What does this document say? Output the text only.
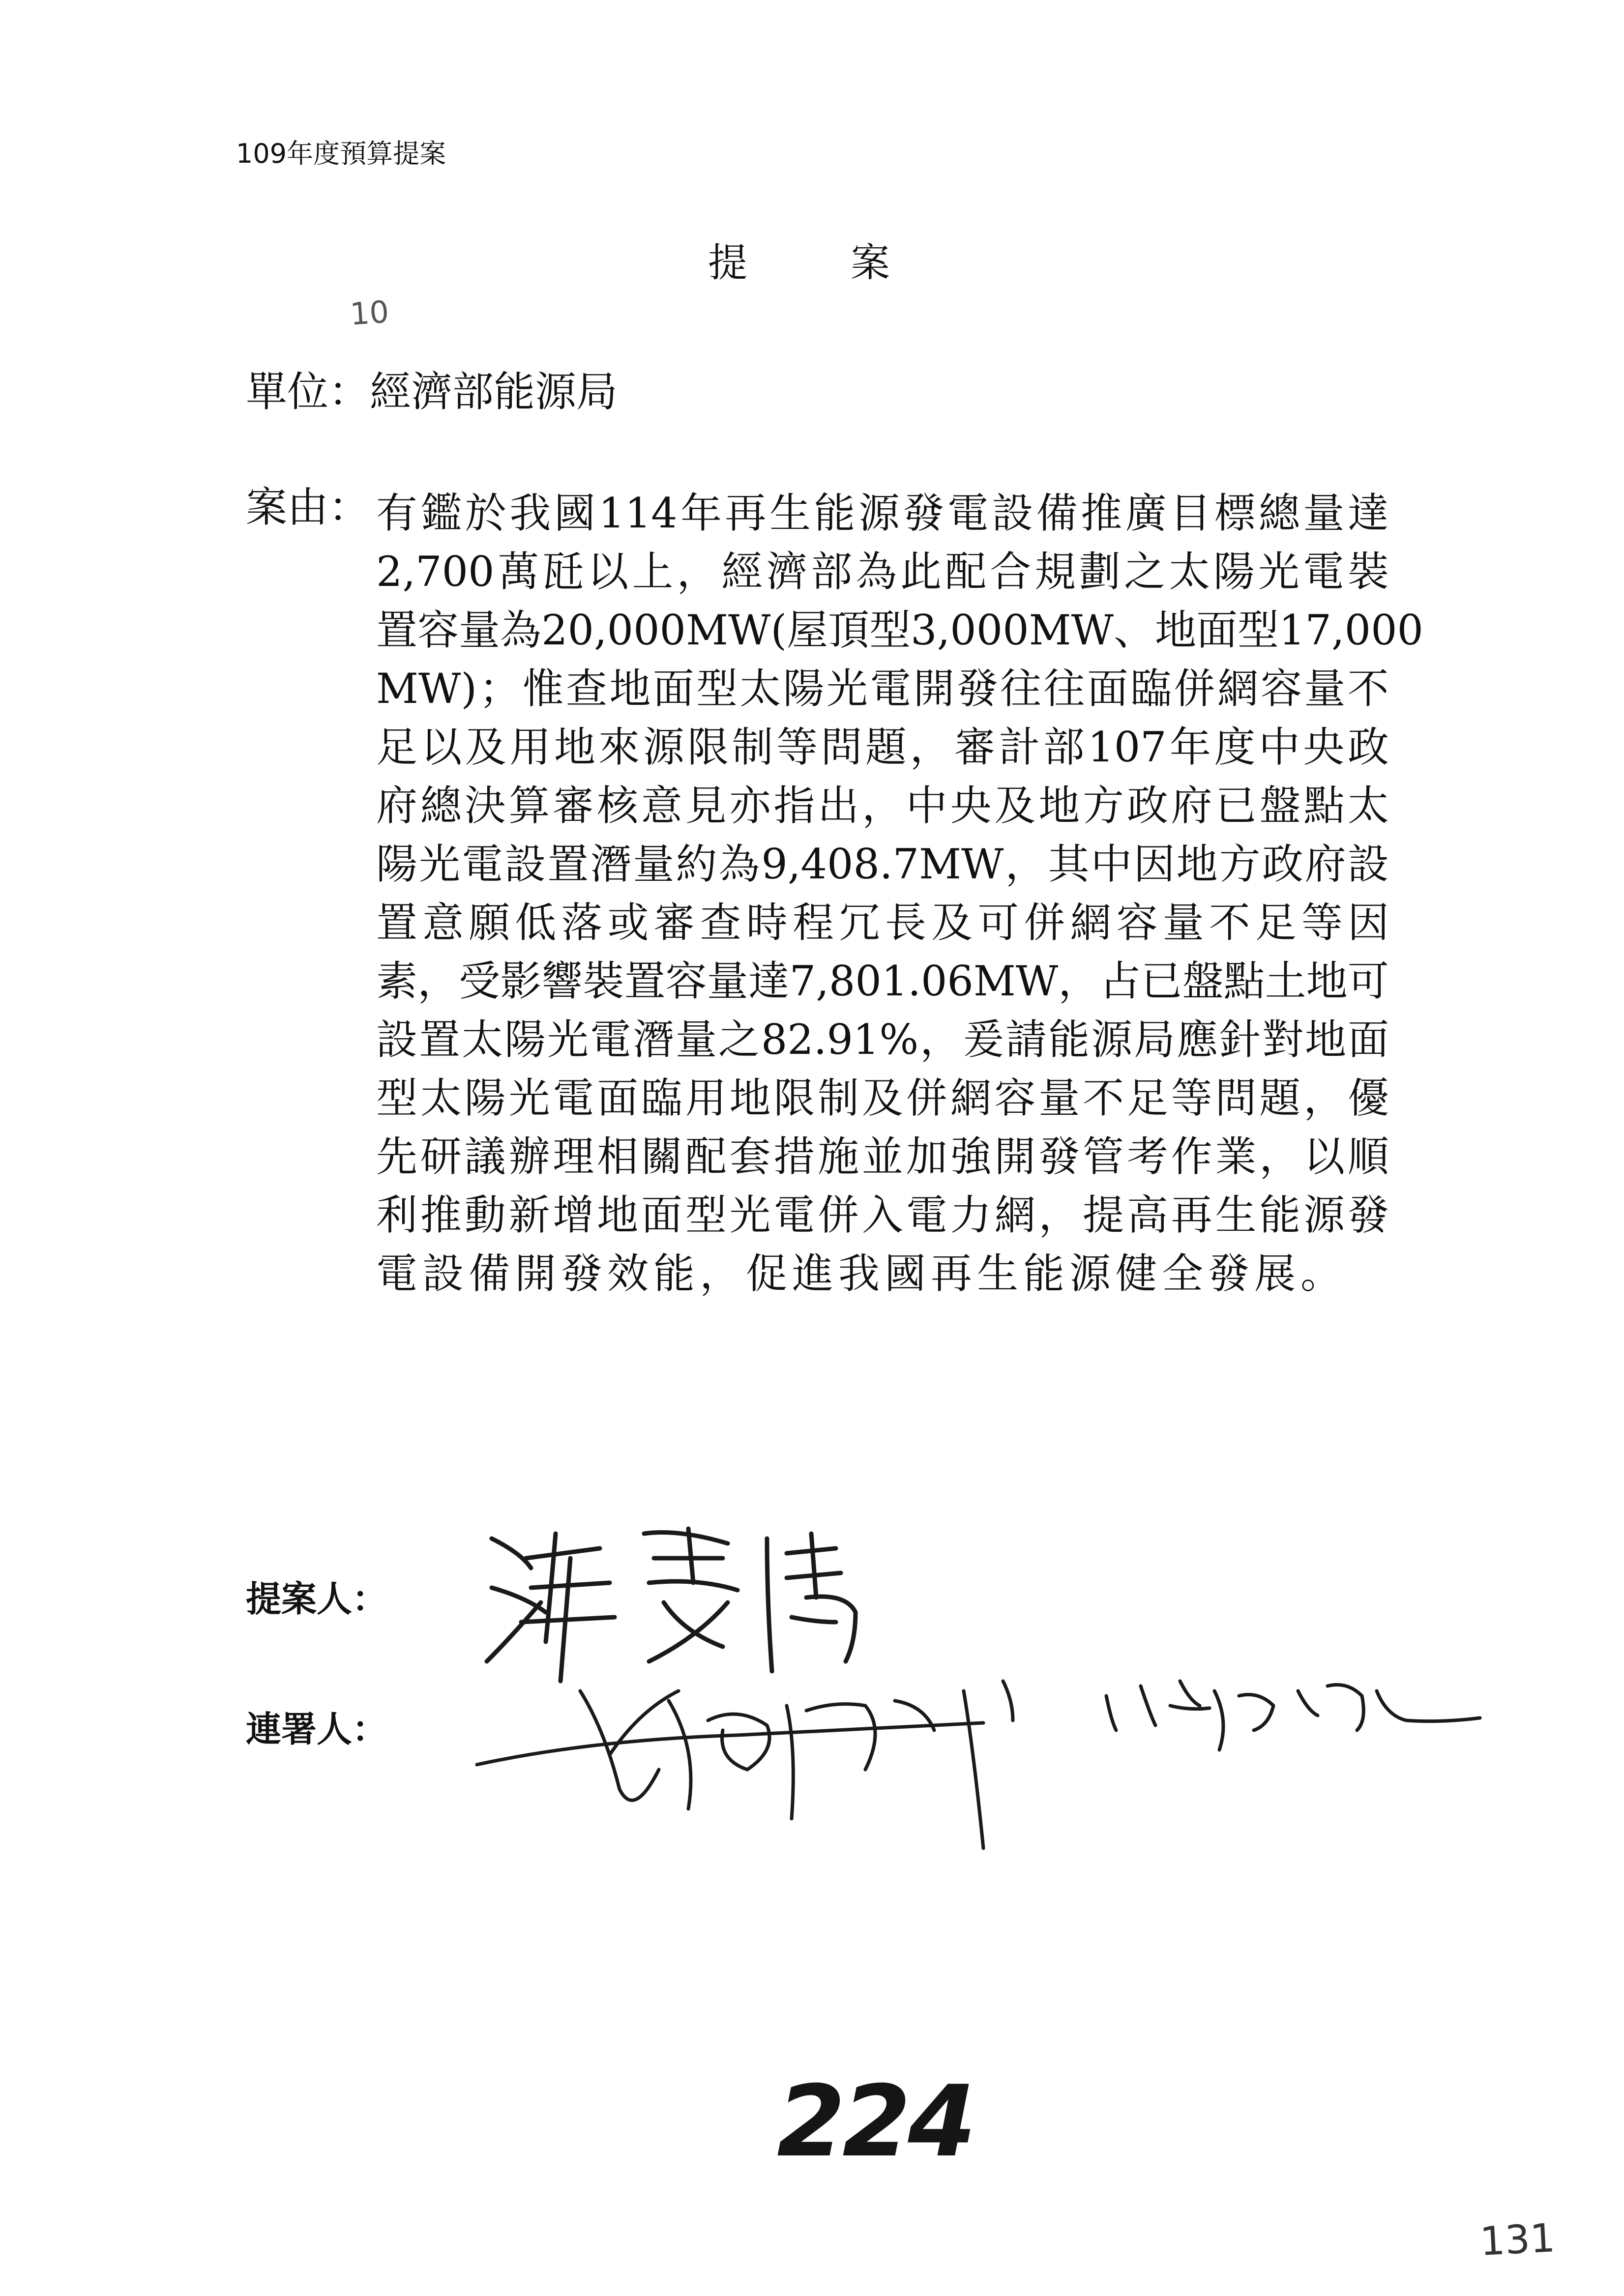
109年度預算提案
提案
10
單位：經濟部能源局
案由： 有 鑑 於 我 國 114 年 再 生 能 源 發 電 設 備 推 廣 目 標 總 量 達
2,700 萬 瓩 以 上 ， 經 濟 部 為 此 配 合 規 劃 之 太 陽 光 電 裝
置 容 量 為 20,000MW( 屋 頂 型 3,000MW 、 地 面 型 17,000
MW) ； 惟 查 地 面 型 太 陽 光 電 開 發 往 往 面 臨 併 網 容 量 不
足 以 及 用 地 來 源 限 制 等 問 題 ， 審 計 部 107 年 度 中 央 政
府 總 決 算 審 核 意 見 亦 指 出 ， 中 央 及 地 方 政 府 已 盤 點 太
陽 光 電 設 置 潛 量 約 為 9,408.7MW ， 其 中 因 地 方 政 府 設
置 意 願 低 落 或 審 查 時 程 冗 長 及 可 併 網 容 量 不 足 等 因
素 ， 受 影 響 裝 置 容 量 達 7,801.06MW ， 占 已 盤 點 土 地 可
設 置 太 陽 光 電 潛 量 之 82.91% ， 爰 請 能 源 局 應 針 對 地 面
型 太 陽 光 電 面 臨 用 地 限 制 及 併 網 容 量 不 足 等 問 題 ， 優
先 研 議 辦 理 相 關 配 套 措 施 並 加 強 開 發 管 考 作 業 ， 以 順
利 推 動 新 增 地 面 型 光 電 併 入 電 力 網 ， 提 高 再 生 能 源 發
電設備開發效能，促進我國再生能源健全發展。
提案人：
連署人：
224
131
